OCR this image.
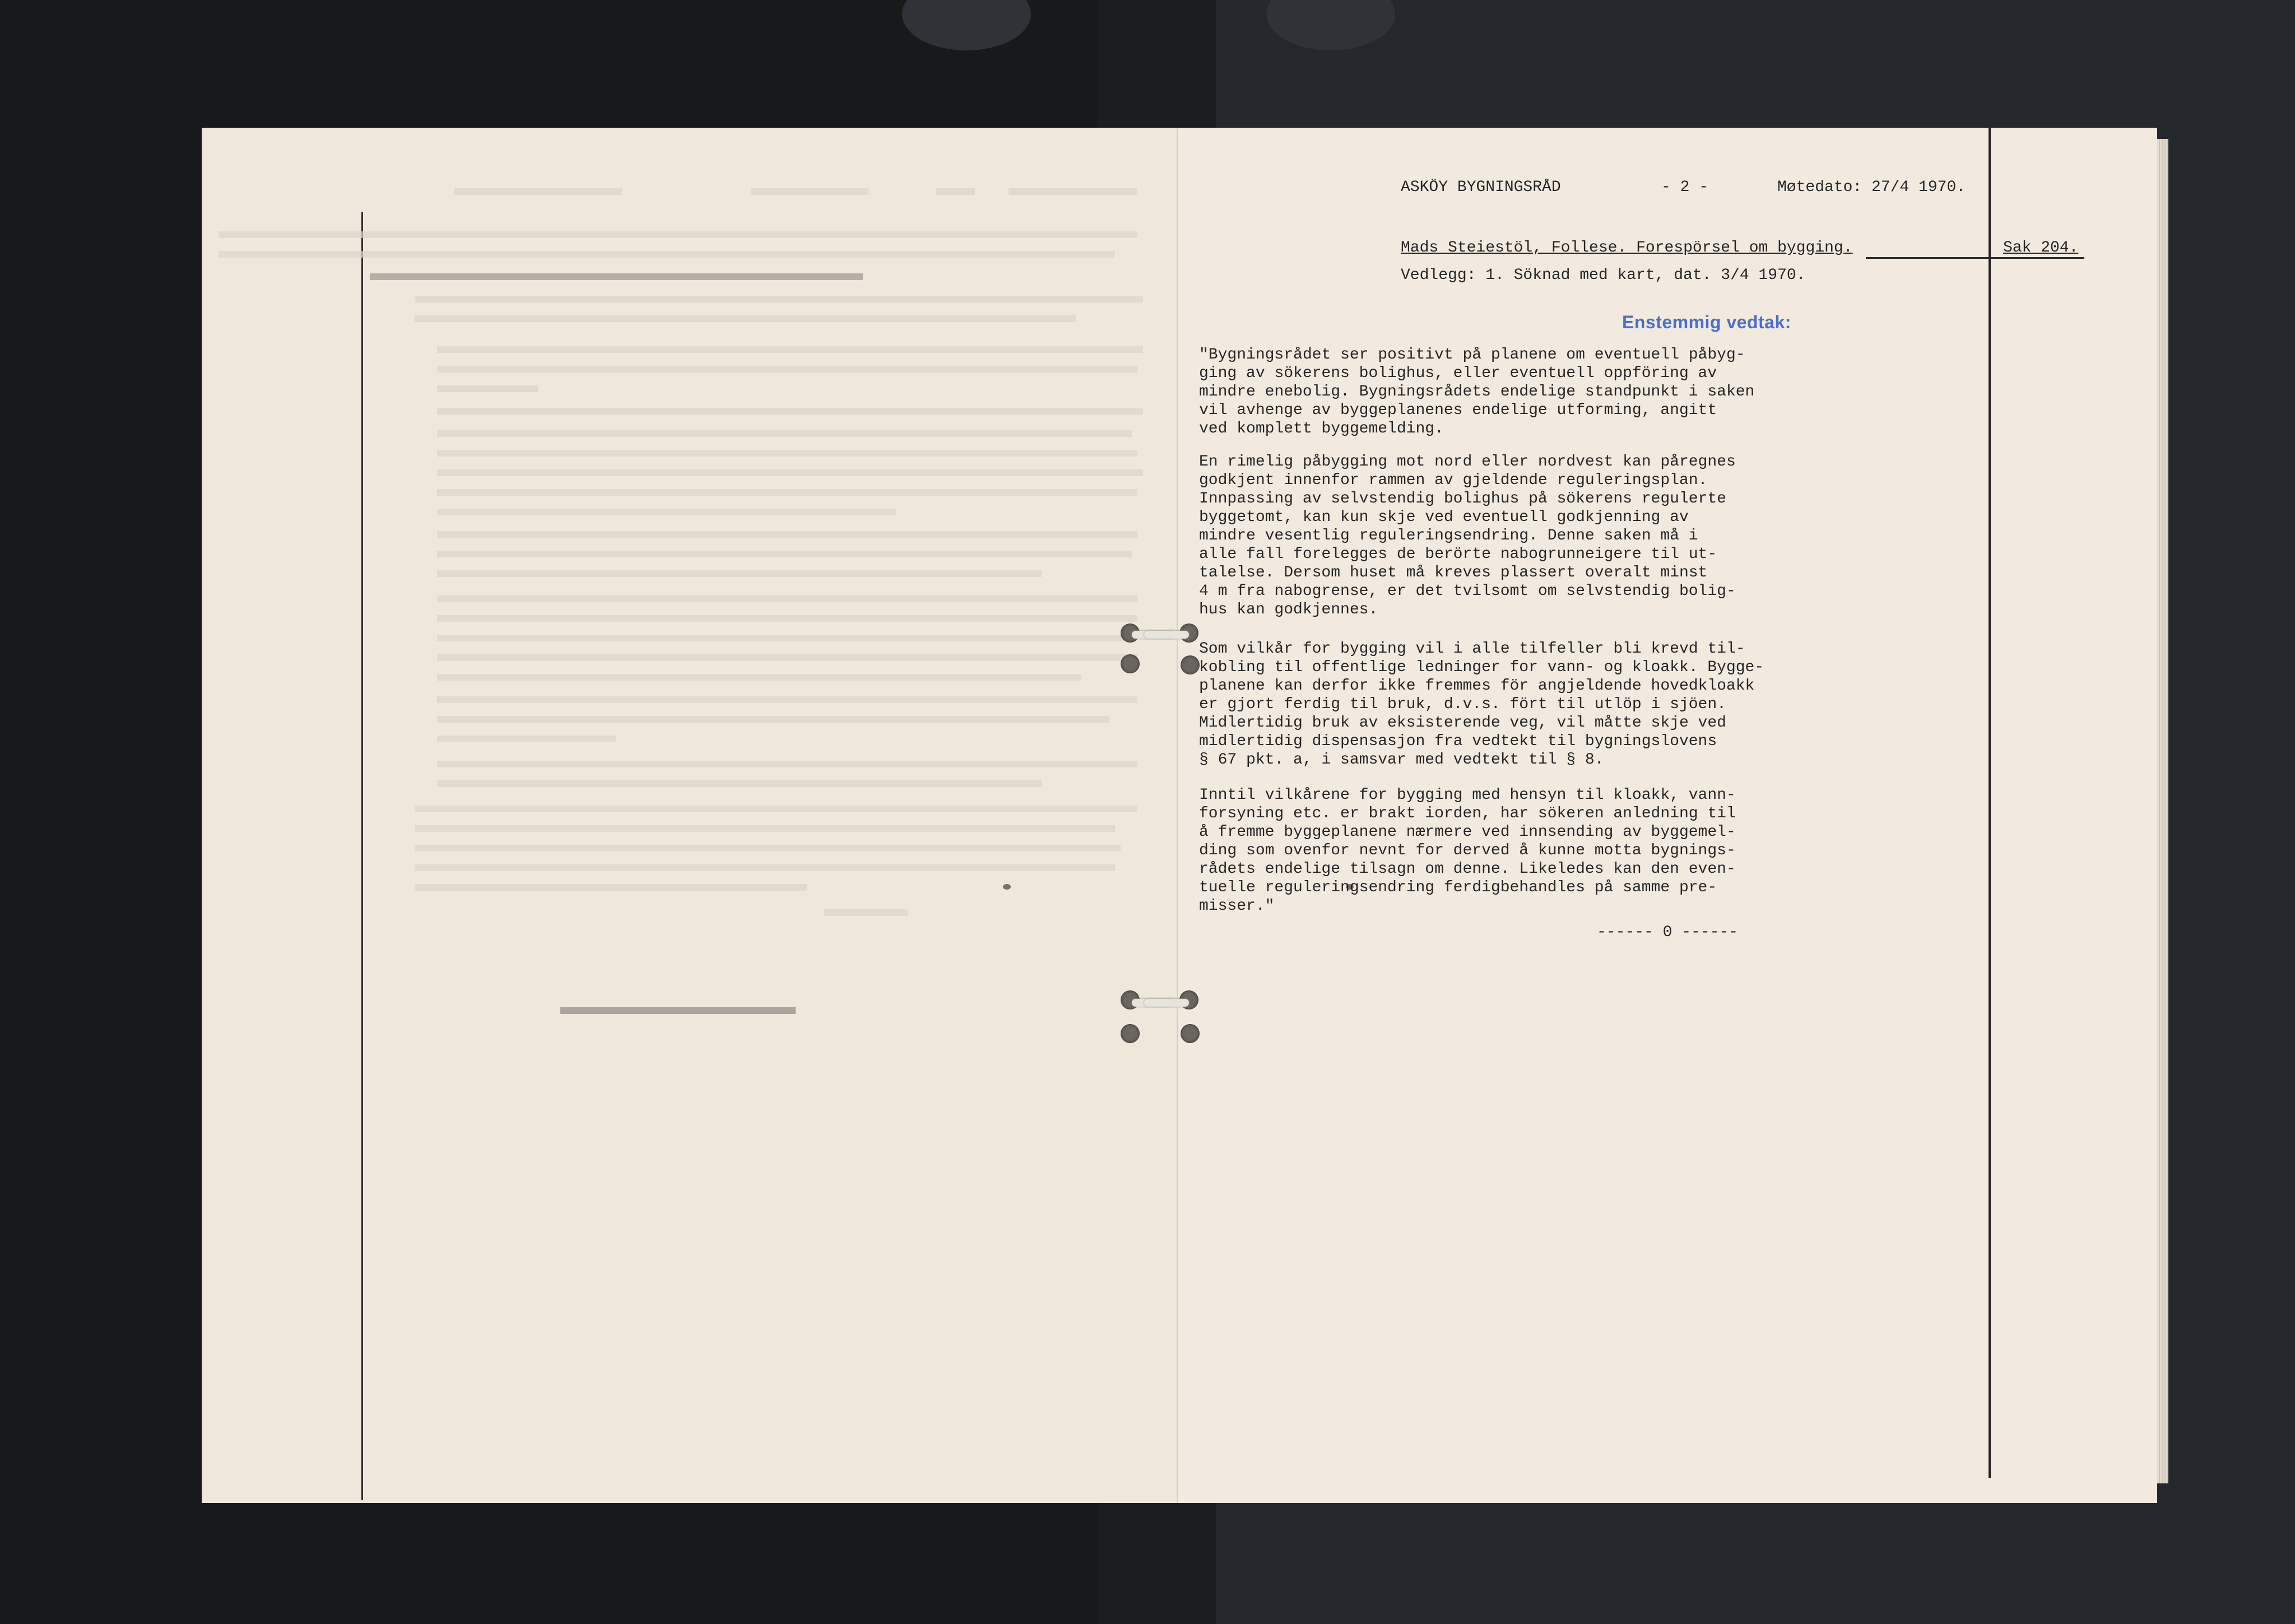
ASKÖY BYGNINGSRÅD	- 2 -	Møtedato: 27/4 1970.
Mads Steiestöl, Follese. Forespörsel om bygging.	Sak 204.
Vedlegg: 1. Söknad med kart, dat. 3/4 1970.
Enstemmig vedtak:
"Bygningsrådet ser positivt på planene om eventuell påbyg-
ging av sökerens bolighus, eller eventuell oppföring av
mindre enebolig. Bygningsrådets endelige standpunkt i saken
vil avhenge av byggeplanenes endelige utforming, angitt
ved komplett byggemelding.
En rimelig påbygging mot nord eller nordvest kan påregnes
godkjent innenfor rammen av gjeldende reguleringsplan.
Innpassing av selvstendig bolighus på sökerens regulerte
byggetomt, kan kun skje ved eventuell godkjenning av
mindre vesentlig reguleringsendring. Denne saken må i
alle fall forelegges de berörte nabogrunneigere til ut-
talelse. Dersom huset må kreves plassert overalt minst
4 m fra nabogrense, er det tvilsomt om selvstendig bolig-
hus kan godkjennes.
Som vilkår for bygging vil i alle tilfeller bli krevd til-
kobling til offentlige ledninger for vann- og kloakk. Bygge-
planene kan derfor ikke fremmes för angjeldende hovedkloakk
er gjort ferdig til bruk, d.v.s. fört til utlöp i sjöen.
Midlertidig bruk av eksisterende veg, vil måtte skje ved
midlertidig dispensasjon fra vedtekt til bygningslovens
§ 67 pkt. a, i samsvar med vedtekt til § 8.
Inntil vilkårene for bygging med hensyn til kloakk, vann-
forsyning etc. er brakt iorden, har sökeren anledning til
å fremme byggeplanene nærmere ved innsending av byggemel-
ding som ovenfor nevnt for derved å kunne motta bygnings-
rådets endelige tilsagn om denne. Likeledes kan den even-
tuelle reguleringsendring ferdigbehandles på samme pre-
misser."
------ 0 ------
